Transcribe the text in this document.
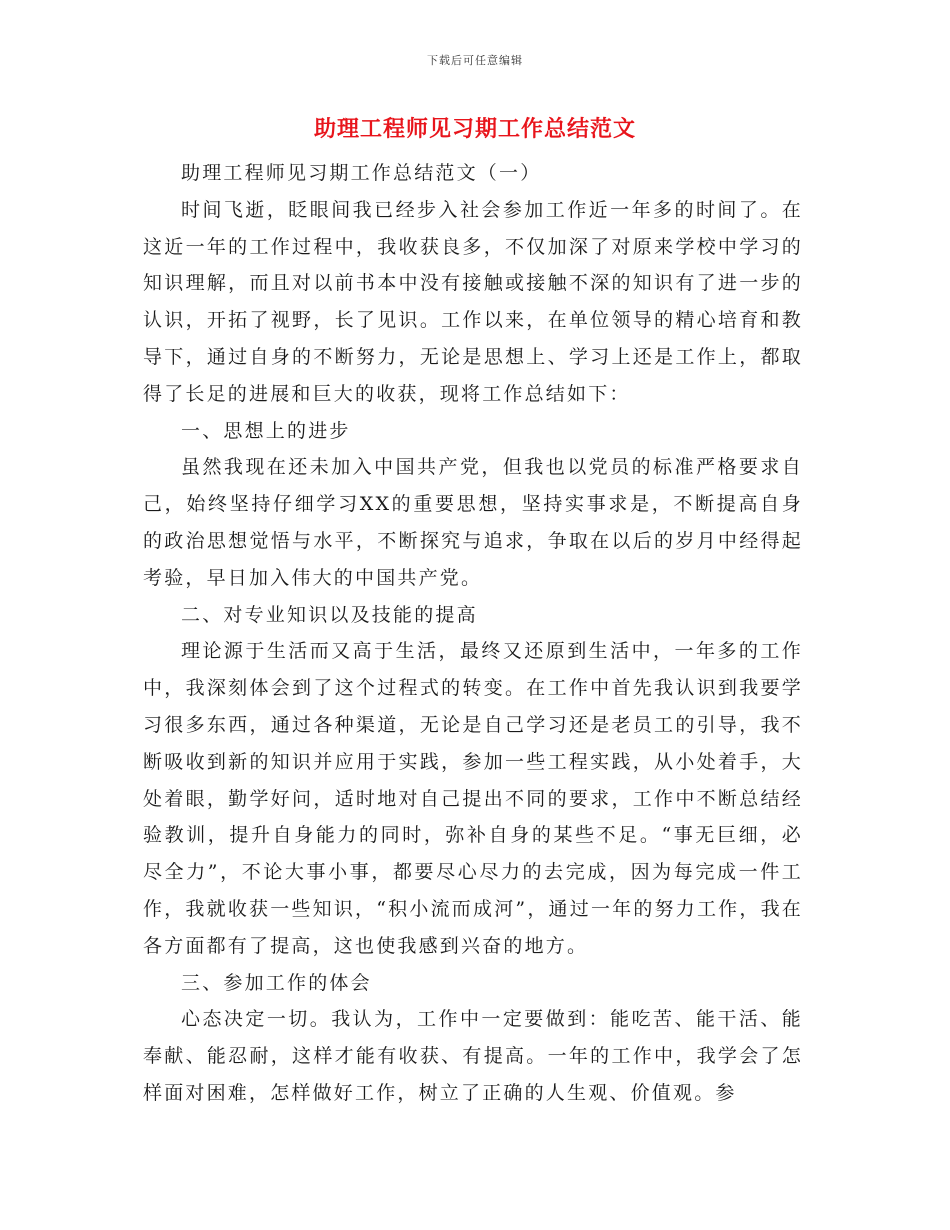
下载后可任意编辑
助理工程师见习期工作总结范文

助理工程师见习期工作总结范文（一）

时间飞逝，眨眼间我已经步入社会参加工作近一年多的时间了。在这近一年的工作过程中，我收获良多，不仅加深了对原来学校中学习的知识理解，而且对以前书本中没有接触或接触不深的知识有了进一步的认识，开拓了视野，长了见识。工作以来，在单位领导的精心培育和教导下，通过自身的不断努力，无论是思想上、学习上还是工作上，都取得了长足的进展和巨大的收获，现将工作总结如下：

一、思想上的进步

虽然我现在还未加入中国共产党，但我也以党员的标准严格要求自己，始终坚持仔细学习XX的重要思想，坚持实事求是，不断提高自身的政治思想觉悟与水平，不断探究与追求，争取在以后的岁月中经得起考验，早日加入伟大的中国共产党。

二、对专业知识以及技能的提高

理论源于生活而又高于生活，最终又还原到生活中，一年多的工作中，我深刻体会到了这个过程式的转变。在工作中首先我认识到我要学习很多东西，通过各种渠道，无论是自己学习还是老员工的引导，我不断吸收到新的知识并应用于实践，参加一些工程实践，从小处着手，大处着眼，勤学好问，适时地对自己提出不同的要求，工作中不断总结经验教训，提升自身能力的同时，弥补自身的某些不足。“事无巨细，必尽全力”，不论大事小事，都要尽心尽力的去完成，因为每完成一件工作，我就收获一些知识，“积小流而成河”，通过一年的努力工作，我在各方面都有了提高，这也使我感到兴奋的地方。

三、参加工作的体会

心态决定一切。我认为，工作中一定要做到：能吃苦、能干活、能奉献、能忍耐，这样才能有收获、有提高。一年的工作中，我学会了怎样面对困难，怎样做好工作，树立了正确的人生观、价值观。参
